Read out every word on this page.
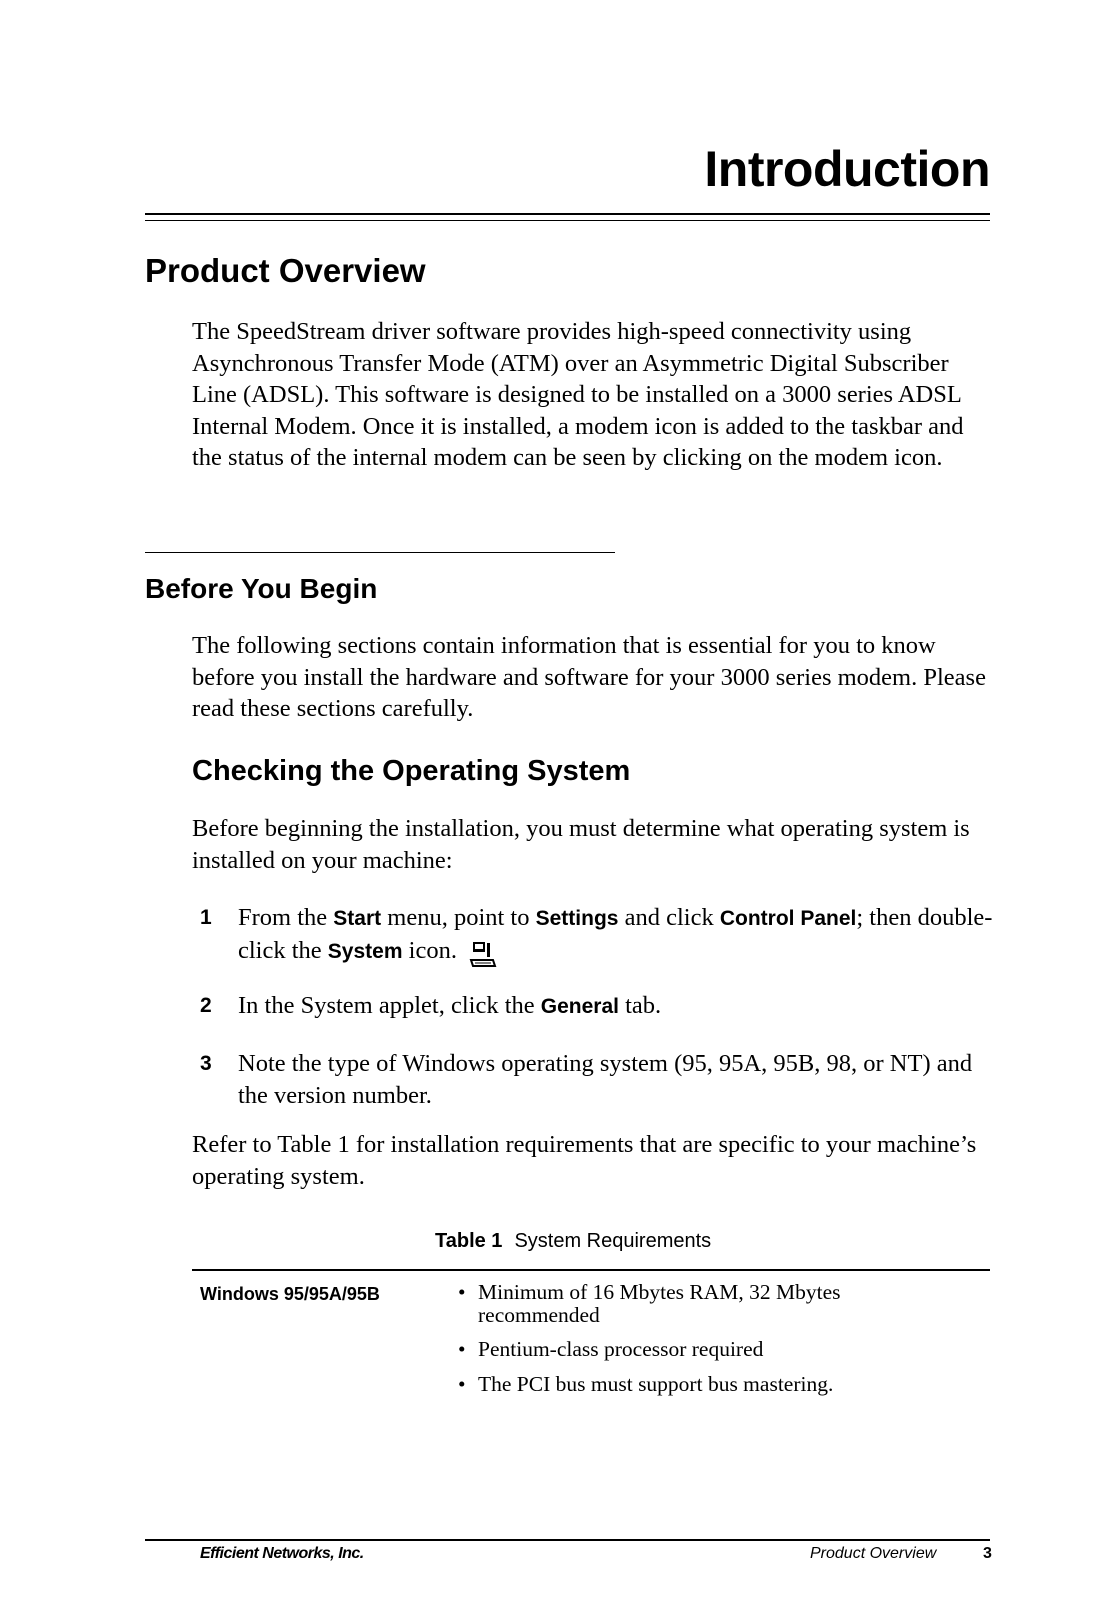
Introduction
Product Overview
The SpeedStream driver software provides high-speed connectivity using Asynchronous Transfer Mode (ATM) over an Asymmetric Digital Subscriber Line (ADSL). This software is designed to be installed on a 3000 series ADSL Internal Modem. Once it is installed, a modem icon is added to the taskbar and the status of the internal modem can be seen by clicking on the modem icon.
Before You Begin
The following sections contain information that is essential for you to know before you install the hardware and software for your 3000 series modem. Please read these sections carefully.
Checking the Operating System
Before beginning the installation, you must determine what operating system is installed on your machine:
1 From the Start menu, point to Settings and click Control Panel; then double-click the System icon.
2 In the System applet, click the General tab.
3 Note the type of Windows operating system (95, 95A, 95B, 98, or NT) and the version number.
Refer to Table 1 for installation requirements that are specific to your machine’s operating system.
Table 1 System Requirements
Windows 95/95A/95B	• Minimum of 16 Mbytes RAM, 32 Mbytes recommended
• Pentium-class processor required
• The PCI bus must support bus mastering.
Efficient Networks, Inc.	Product Overview	3
